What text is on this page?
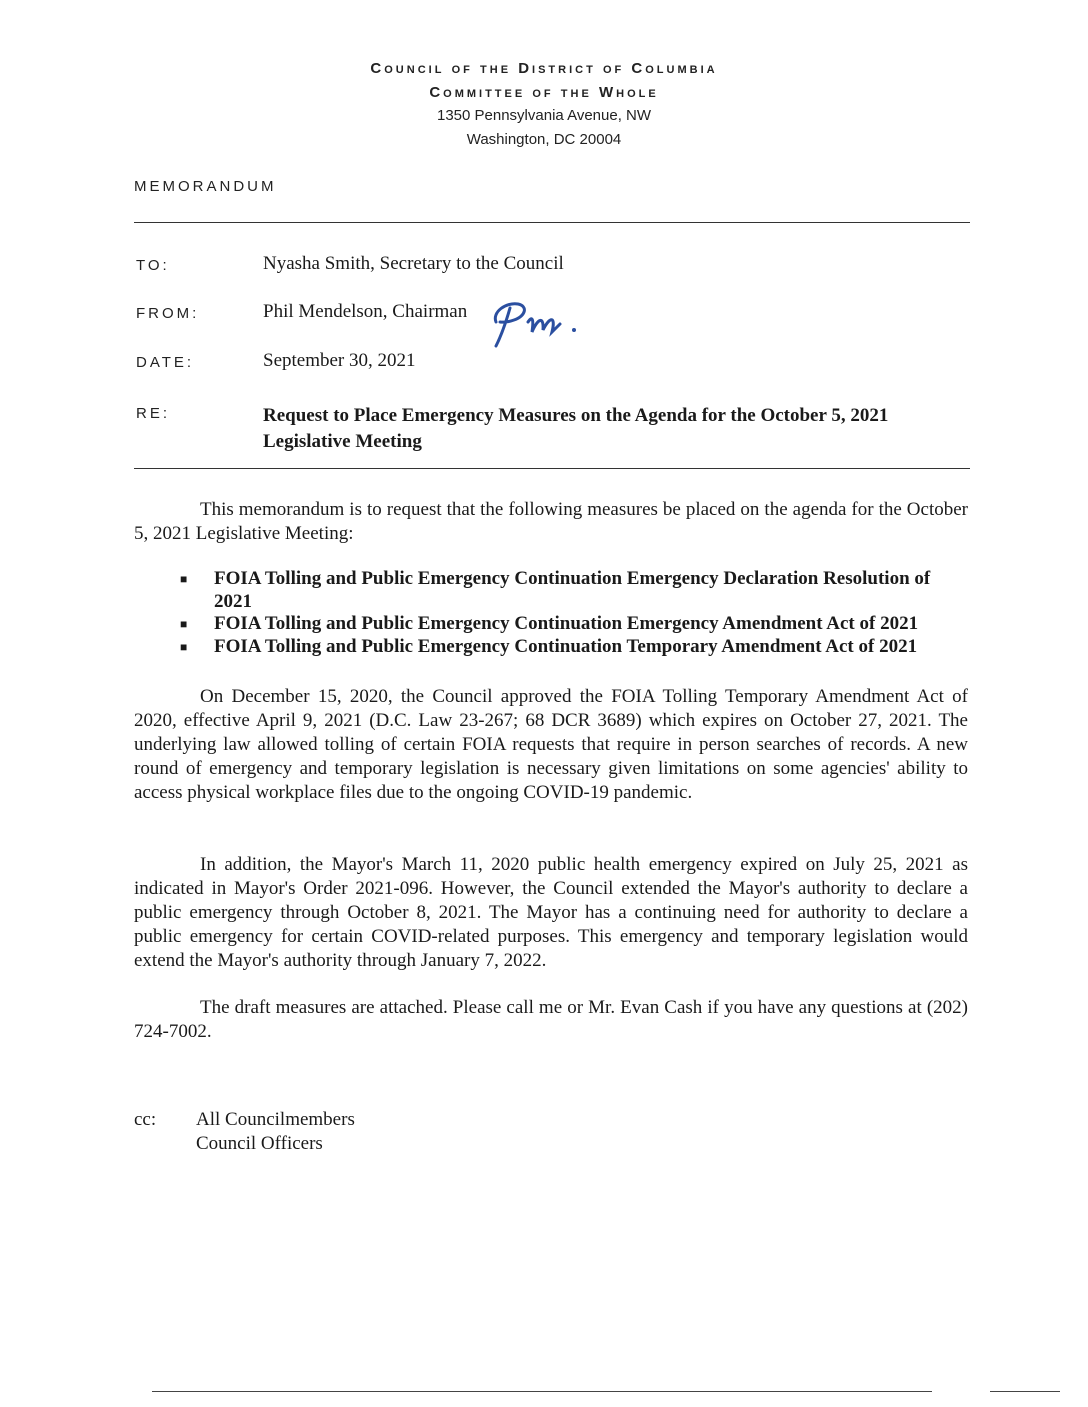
Council of the District of Columbia
Committee of the Whole
1350 Pennsylvania Avenue, NW
Washington, DC 20004
MEMORANDUM
TO:	Nyasha Smith, Secretary to the Council
FROM:	Phil Mendelson, Chairman
DATE:	September 30, 2021
RE:	Request to Place Emergency Measures on the Agenda for the October 5, 2021 Legislative Meeting

This memorandum is to request that the following measures be placed on the agenda for the October 5, 2021 Legislative Meeting:

■ FOIA Tolling and Public Emergency Continuation Emergency Declaration Resolution of 2021
■ FOIA Tolling and Public Emergency Continuation Emergency Amendment Act of 2021
■ FOIA Tolling and Public Emergency Continuation Temporary Amendment Act of 2021

On December 15, 2020, the Council approved the FOIA Tolling Temporary Amendment Act of 2020, effective April 9, 2021 (D.C. Law 23-267; 68 DCR 3689) which expires on October 27, 2021. The underlying law allowed tolling of certain FOIA requests that require in person searches of records. A new round of emergency and temporary legislation is necessary given limitations on some agencies' ability to access physical workplace files due to the ongoing COVID-19 pandemic.

In addition, the Mayor's March 11, 2020 public health emergency expired on July 25, 2021 as indicated in Mayor's Order 2021-096. However, the Council extended the Mayor's authority to declare a public emergency through October 8, 2021. The Mayor has a continuing need for authority to declare a public emergency for certain COVID-related purposes. This emergency and temporary legislation would extend the Mayor's authority through January 7, 2022.

The draft measures are attached. Please call me or Mr. Evan Cash if you have any questions at (202) 724-7002.

cc: All Councilmembers
Council Officers
